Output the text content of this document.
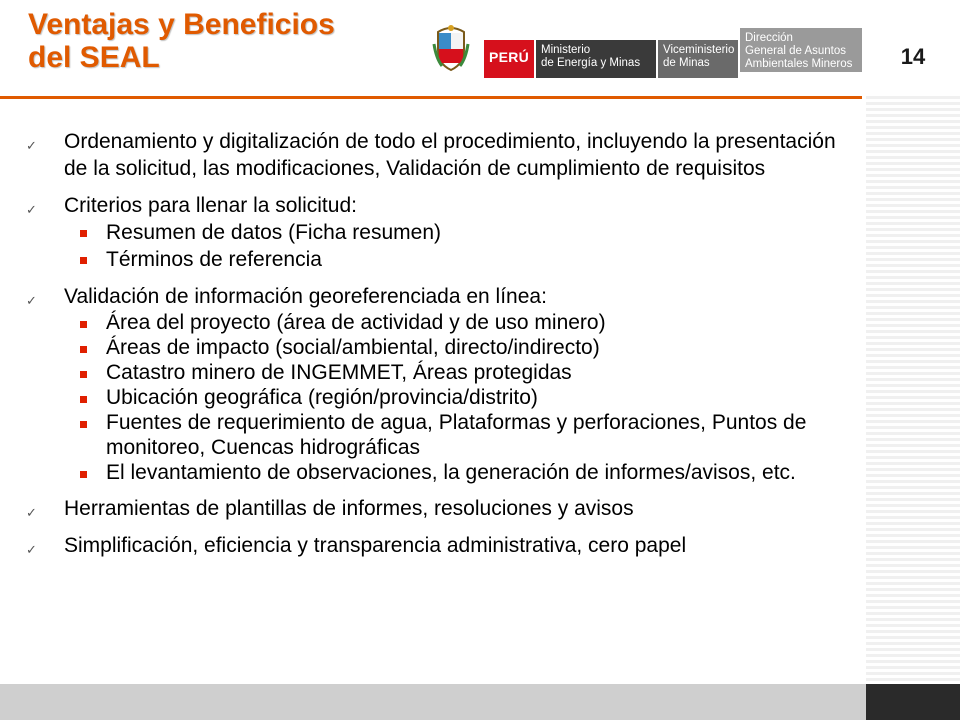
Ventajas y Beneficios
del SEAL	PERÚ	Ministerio
de Energía y Minas
Viceministerio
de Minas
Dirección
General de Asuntos
Ambientales Mineros	14
✓ Ordenamiento y digitalización de todo el procedimiento, incluyendo la presentación de la solicitud, las modificaciones, Validación de cumplimiento de requisitos
✓ Criterios para llenar la solicitud:
Resumen de datos (Ficha resumen)
Términos de referencia
✓ Validación de información georeferenciada en línea:
Área del proyecto (área de actividad y de uso minero)
Áreas de impacto (social/ambiental, directo/indirecto)
Catastro minero de INGEMMET, Áreas protegidas
Ubicación geográfica (región/provincia/distrito)
Fuentes de requerimiento de agua, Plataformas y perforaciones, Puntos de monitoreo, Cuencas hidrográficas
El levantamiento de observaciones, la generación de informes/avisos, etc.
✓ Herramientas de plantillas de informes, resoluciones y avisos
✓ Simplificación, eficiencia y transparencia administrativa, cero papel
